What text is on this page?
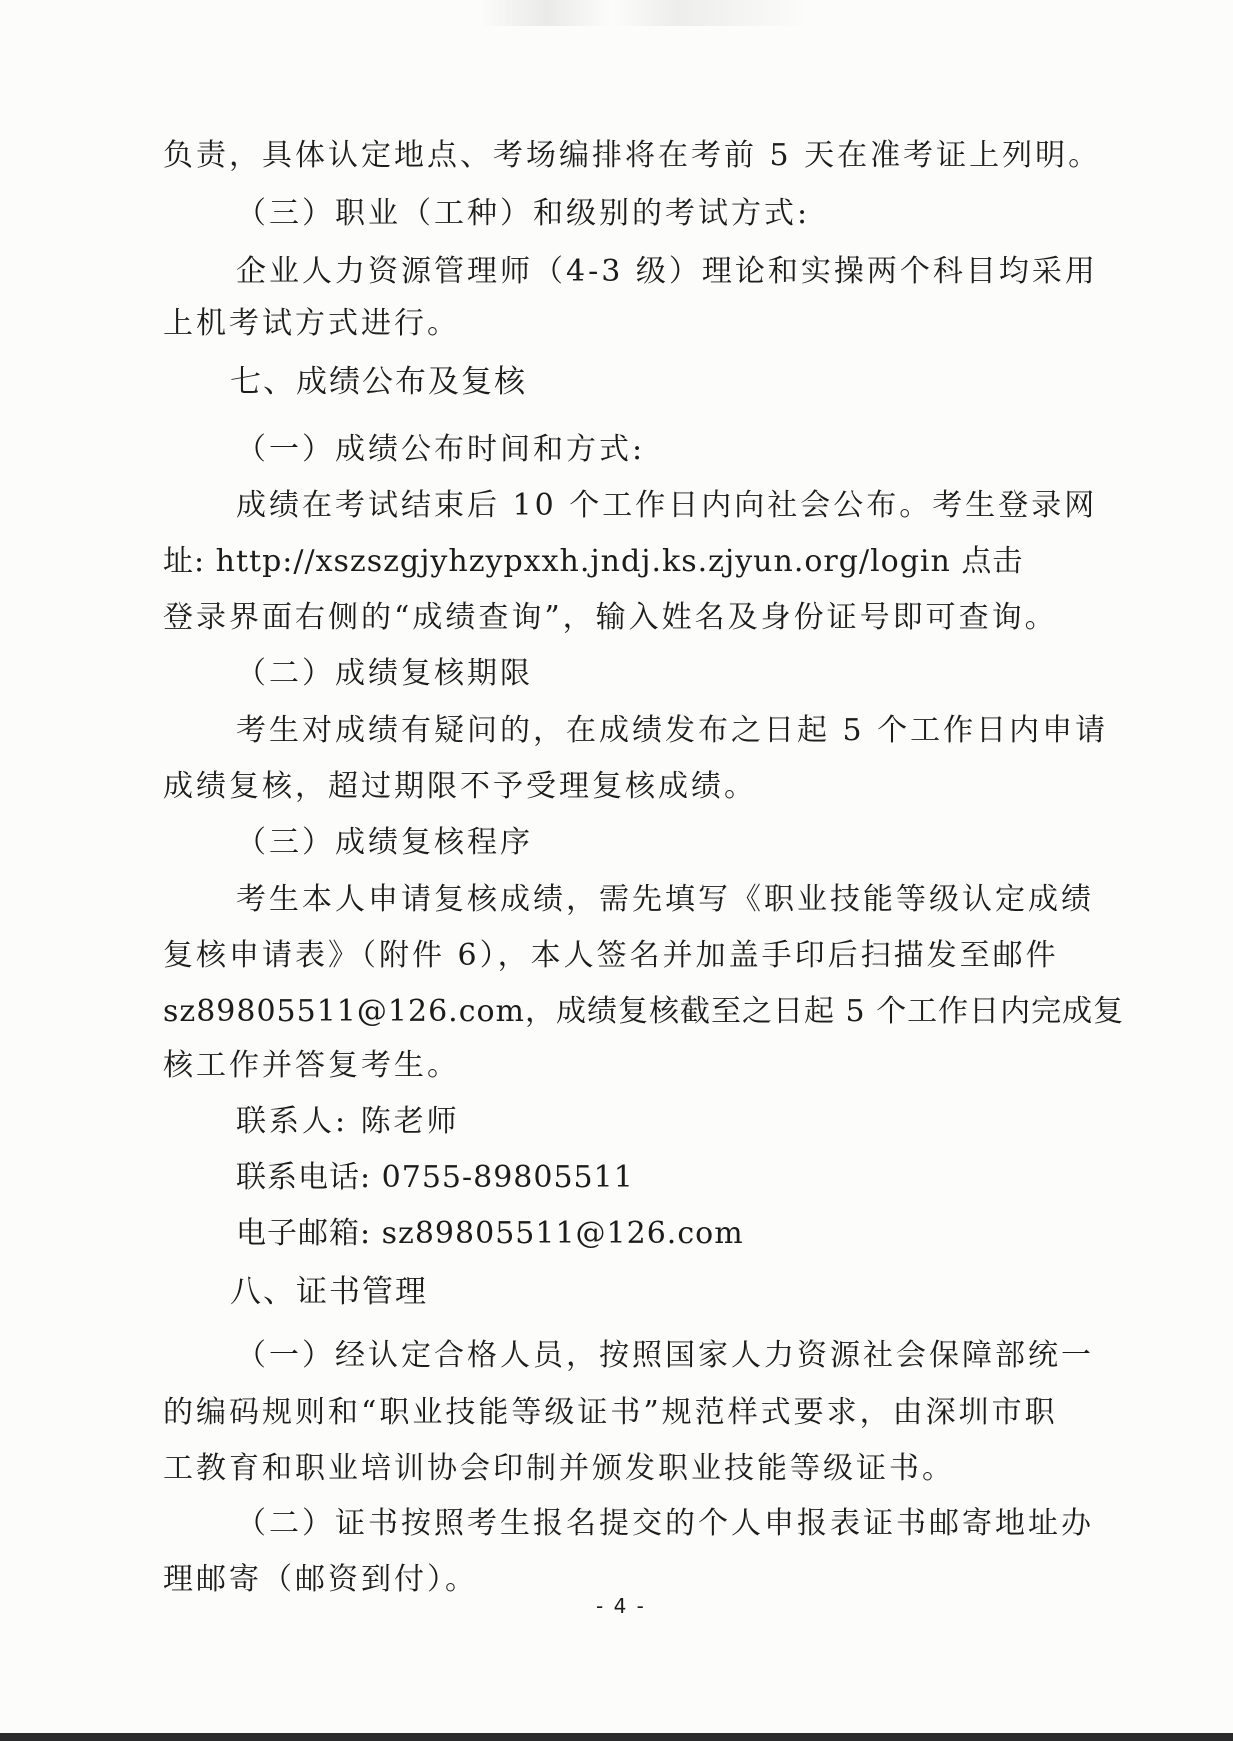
负责，具体认定地点、考场编排将在考前 5 天在准考证上列明。
（三）职业（工种）和级别的考试方式:
企业人力资源管理师（4-3 级）理论和实操两个科目均采用
上机考试方式进行。
七、成绩公布及复核
（一）成绩公布时间和方式:
成绩在考试结束后 10 个工作日内向社会公布。考生登录网
址: http://xszszgjyhzypxxh.jndj.ks.zjyun.org/login 点击
登录界面右侧的“成绩查询”，输入姓名及身份证号即可查询。
（二）成绩复核期限
考生对成绩有疑问的，在成绩发布之日起 5 个工作日内申请
成绩复核，超过期限不予受理复核成绩。
（三）成绩复核程序
考生本人申请复核成绩，需先填写《职业技能等级认定成绩
复核申请表》（附件 6），本人签名并加盖手印后扫描发至邮件
sz89805511@126.com，成绩复核截至之日起 5 个工作日内完成复
核工作并答复考生。
联系人: 陈老师
联系电话: 0755-89805511
电子邮箱: sz89805511@126.com
八、证书管理
（一）经认定合格人员，按照国家人力资源社会保障部统一
的编码规则和“职业技能等级证书”规范样式要求，由深圳市职
工教育和职业培训协会印制并颁发职业技能等级证书。
（二）证书按照考生报名提交的个人申报表证书邮寄地址办
理邮寄（邮资到付）。
- 4 -
